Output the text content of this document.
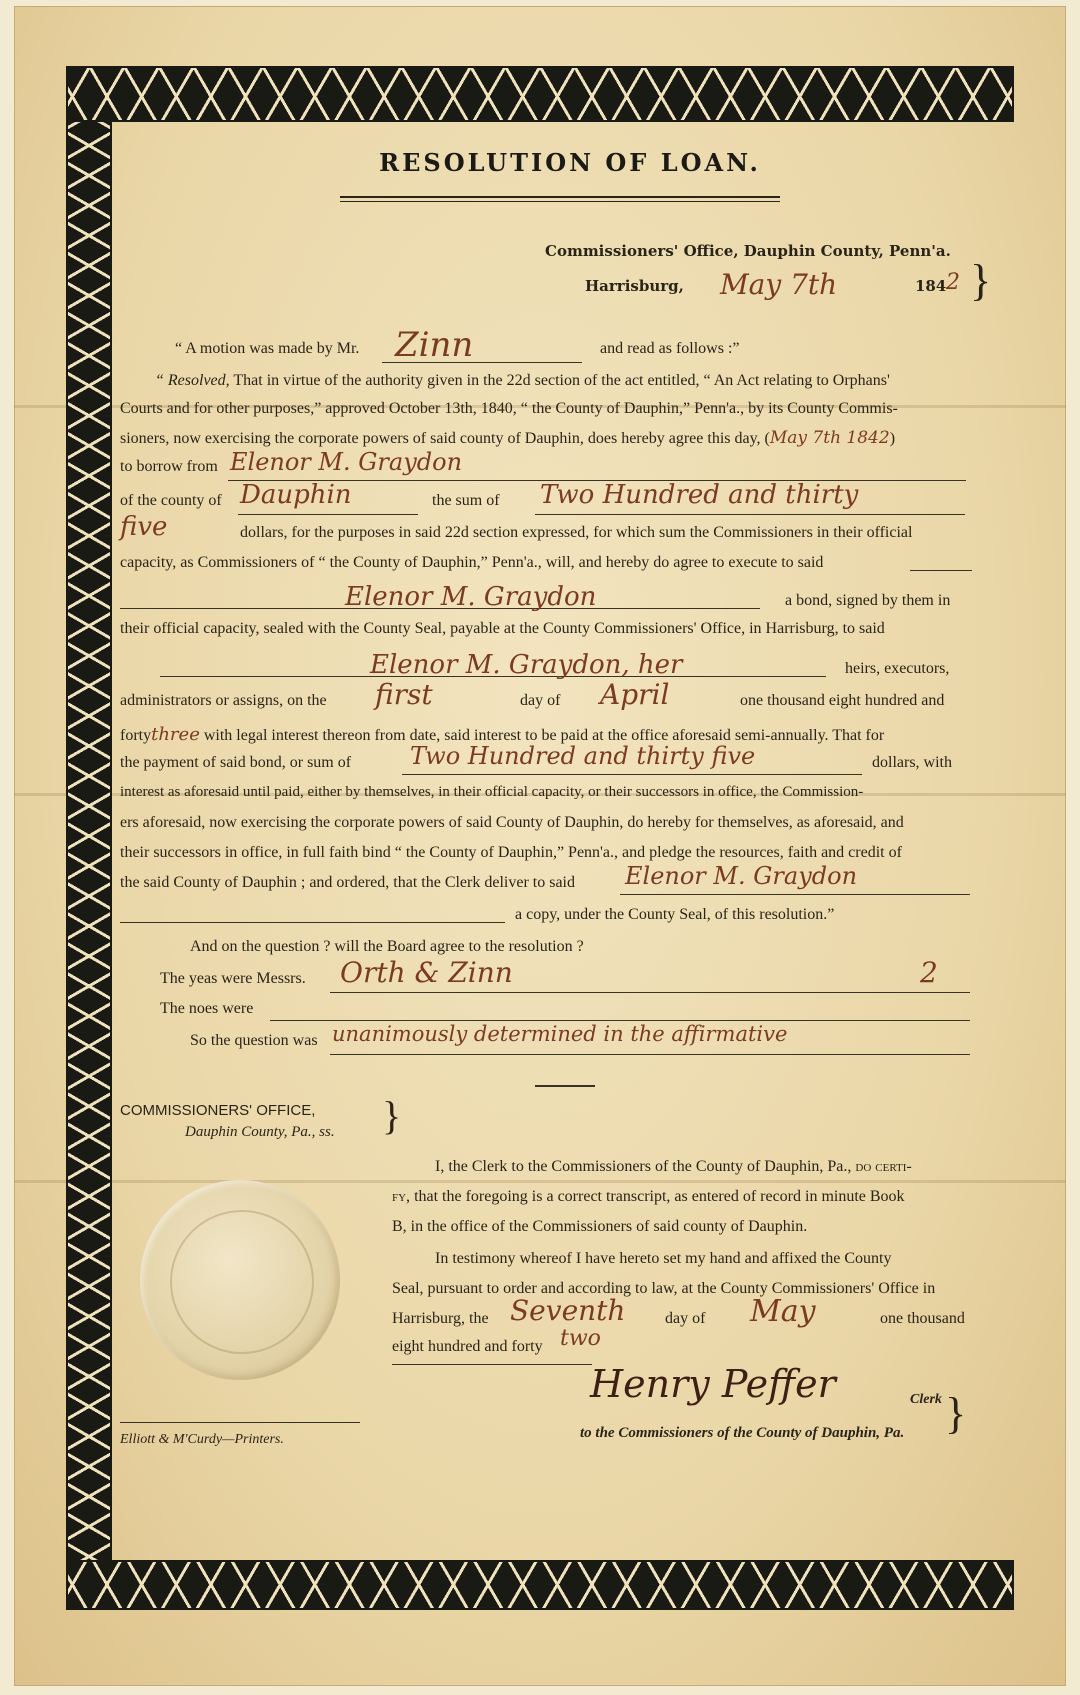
RESOLUTION OF LOAN.
Commissioners' Office, Dauphin County, Penn'a.
Harrisburg, May 7th	184 2 }
“ A motion was made by Mr. Zinn	and read as follows :”
“ Resolved, That in virtue of the authority given in the 22d section of the act entitled, “ An Act relating to Orphans'
Courts and for other purposes,” approved October 13th, 1840, “ the County of Dauphin,” Penn'a., by its County Commis-
sioners, now exercising the corporate powers of said county of Dauphin, does hereby agree this day, (May 7th 1842)
to borrow from Elenor M. Graydon
of the county of Dauphin	the sum of Two Hundred and thirty
five	dollars, for the purposes in said 22d section expressed, for which sum the Commissioners in their official
capacity, as Commissioners of “ the County of Dauphin,” Penn'a., will, and hereby do agree to execute to said
Elenor M. Graydon	a bond, signed by them in
their official capacity, sealed with the County Seal, payable at the County Commissioners' Office, in Harrisburg, to said
Elenor M. Graydon, her	heirs, executors,
administrators or assigns, on the first	day of April	one thousand eight hundred and
fortythree with legal interest thereon from date, said interest to be paid at the office aforesaid semi-annually. That for
the payment of said bond, or sum of Two Hundred and thirty five	dollars, with
interest as aforesaid until paid, either by themselves, in their official capacity, or their successors in office, the Commission-
ers aforesaid, now exercising the corporate powers of said County of Dauphin, do hereby for themselves, as aforesaid, and
their successors in office, in full faith bind “ the County of Dauphin,” Penn'a., and pledge the resources, faith and credit of
the said County of Dauphin ; and ordered, that the Clerk deliver to said Elenor M. Graydon
a copy, under the County Seal, of this resolution.”
And on the question ? will the Board agree to the resolution ?
The yeas were Messrs. Orth & Zinn	2
The noes were
So the question was unanimously determined in the affirmative
COMMISSIONERS' OFFICE,
Dauphin County, Pa., ss. }
I, the Clerk to the Commissioners of the County of Dauphin, Pa., do certi-
fy, that the foregoing is a correct transcript, as entered of record in minute Book
B, in the office of the Commissioners of said county of Dauphin.
In testimony whereof I have hereto set my hand and affixed the County
Seal, pursuant to order and according to law, at the County Commissioners' Office in
Harrisburg, the Seventh day of May	one thousand
eight hundred and forty two
Henry Peffer	Clerk
to the Commissioners of the County of Dauphin, Pa. }
Elliott & M'Curdy—Printers.
